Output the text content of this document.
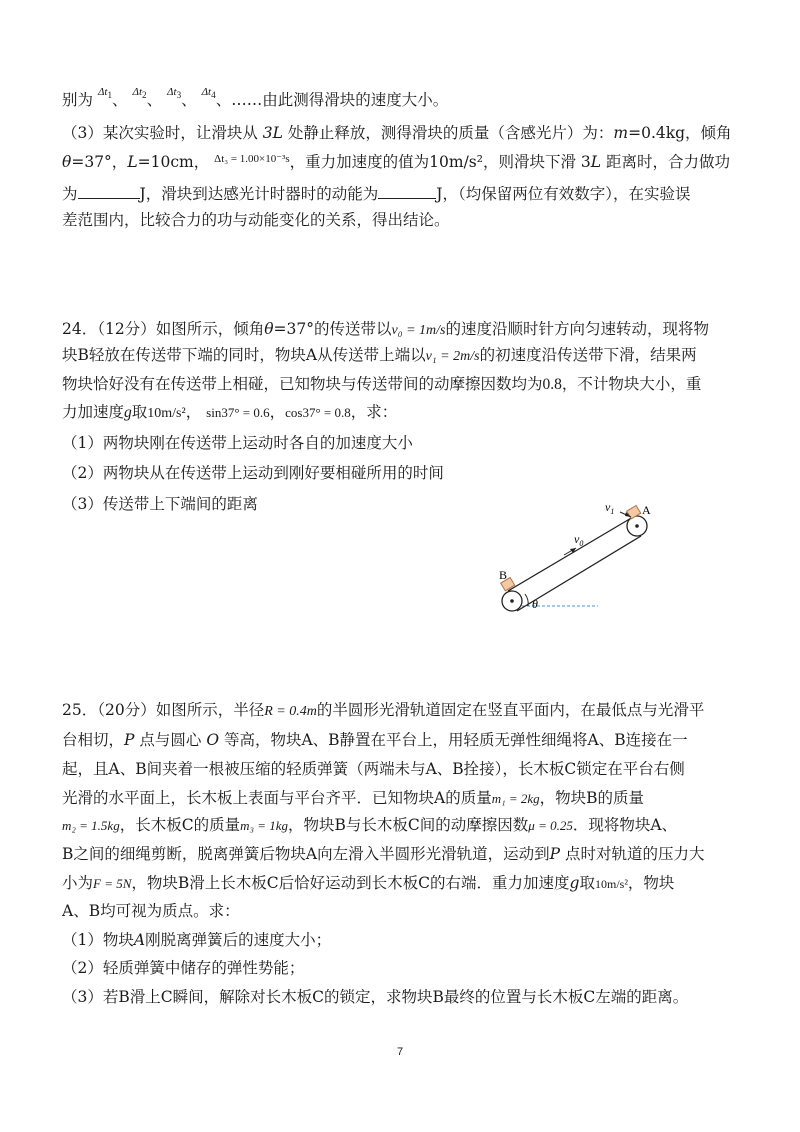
别为 $^{\Delta t_1}$、 $^{\Delta t_2}$、 $^{\Delta t_3}$、 $^{\Delta t_4}$、……由此测得滑块的速度大小。
（3）某次实验时，让滑块从 3L 处静止释放，测得滑块的质量（含感光片）为：m=0.4kg，倾角
θ=37°，L=10cm， $^{\Delta t_3 = 1.00\times 10^{-3}s}$，重力加速度的值为10m/s²，则滑块下滑 3L 距离时，合力做功
为	J，滑块到达感光计时器时的动能为	J，（均保留两位有效数字），在实验误
差范围内，比较合力的功与动能变化的关系，得出结论。
24．（12分）如图所示，倾角θ=37°的传送带以v₀ = 1m/s的速度沿顺时针方向匀速转动，现将物
块B轻放在传送带下端的同时，物块A从传送带上端以v₁ = 2m/s的初速度沿传送带下滑，结果两
物块恰好没有在传送带上相碰，已知物块与传送带间的动摩擦因数均为0.8，不计物块大小，重
力加速度g取10m/s²， sin37° = 0.6，cos37° = 0.8，求：
（1）两物块刚在传送带上运动时各自的加速度大小
（2）两物块从在传送带上运动到刚好要相碰所用的时间
（3）传送带上下端间的距离
θ
B
A
$v_1$
$v_0$
25．（20分）如图所示，半径R = 0.4m的半圆形光滑轨道固定在竖直平面内，在最低点与光滑平
台相切，P 点与圆心 O 等高，物块A、B静置在平台上，用轻质无弹性细绳将A、B连接在一
起，且A、B间夹着一根被压缩的轻质弹簧（两端未与A、B拴接），长木板C锁定在平台右侧
光滑的水平面上，长木板上表面与平台齐平．已知物块A的质量m₁ = 2kg，物块B的质量
m₂ = 1.5kg，长木板C的质量m₃ = 1kg，物块B与长木板C间的动摩擦因数μ = 0.25．现将物块A、
B之间的细绳剪断，脱离弹簧后物块A向左滑入半圆形光滑轨道，运动到P 点时对轨道的压力大
小为F = 5N，物块B滑上长木板C后恰好运动到长木板C的右端．重力加速度g取10m/s²，物块
A、B均可视为质点。求：
（1）物块A刚脱离弹簧后的速度大小；
（2）轻质弹簧中储存的弹性势能；
（3）若B滑上C瞬间，解除对长木板C的锁定，求物块B最终的位置与长木板C左端的距离。
7
